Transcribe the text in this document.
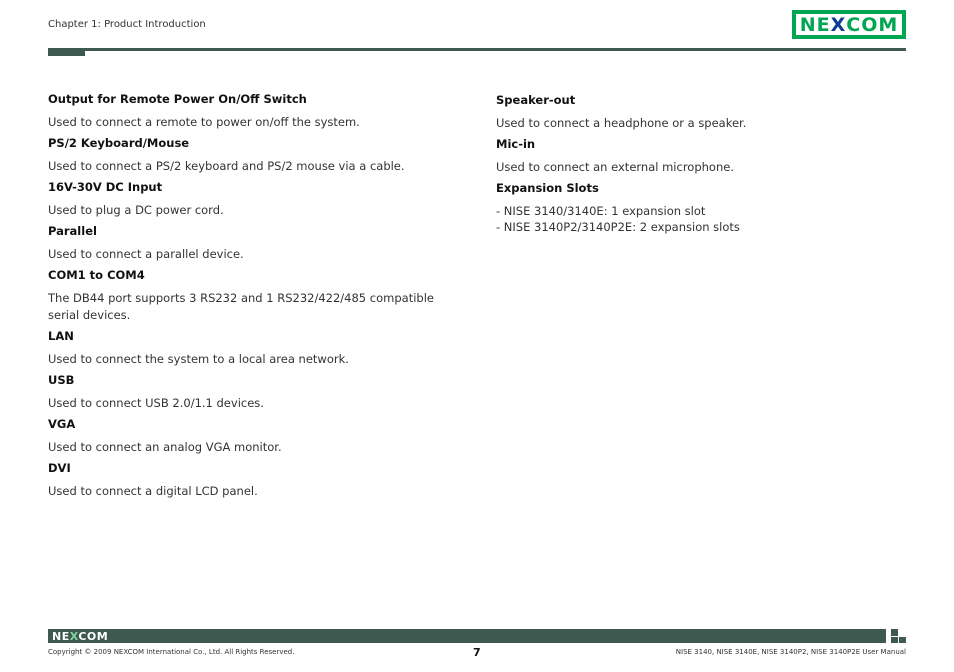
Chapter 1: Product Introduction	NE X COM

Output for Remote Power On/Off Switch

Used to connect a remote to power on/off the system.

PS/2 Keyboard/Mouse

Used to connect a PS/2 keyboard and PS/2 mouse via a cable.

16V-30V DC Input

Used to plug a DC power cord.

Parallel

Used to connect a parallel device.

COM1 to COM4

The DB44 port supports 3 RS232 and 1 RS232/422/485 compatible serial devices.

LAN

Used to connect the system to a local area network.

USB

Used to connect USB 2.0/1.1 devices.

VGA

Used to connect an analog VGA monitor.

DVI

Used to connect a digital LCD panel.

Speaker-out

Used to connect a headphone or a speaker.

Mic-in

Used to connect an external microphone.

Expansion Slots

- NISE 3140/3140E: 1 expansion slot
- NISE 3140P2/3140P2E: 2 expansion slots
NEXCOM
Copyright © 2009 NEXCOM International Co., Ltd. All Rights Reserved.	7	NISE 3140, NISE 3140E, NISE 3140P2, NISE 3140P2E User Manual
